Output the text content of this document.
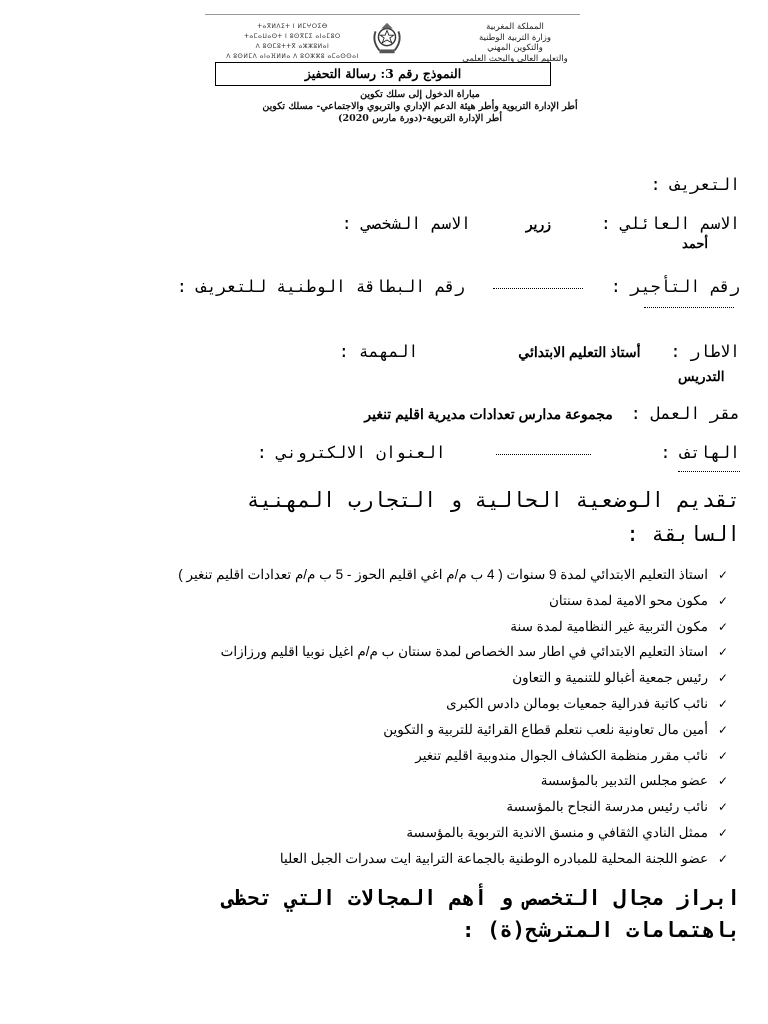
المملكة المغربية
وزارة التربية الوطنية
والتكوين المهني
والتعليم العالي والبحث العلمي
ⵜⴰⴳⵍⴷⵉⵜ ⵏ ⵍⵎⵖⵔⵉⴱ
ⵜⴰⵎⴰⵡⴰⵙⵜ ⵏ ⵓⵙⴳⵎⵉ ⴰⵏⴰⵎⵓⵔ
ⴷ ⵓⵙⵎⵓⵜⵜⴳ ⴰⵣⵣⵓⵍⴰⵏ
ⴷ ⵓⵙⵍⵎⴷ ⴰⵏⴰⴼⵍⵍⴰ ⴷ ⵓⵔⵣⵣⵓ ⴰⵎⴰⵙⵙⴰⵏ
النموذج رقم 3: رسالة التحفيز
مباراة الدخول إلى سلك تكوين
أطر الإدارة التربوية وأطر هيئة الدعم الإداري والتربوي والاجتماعي- مسلك تكوين
أطر الإدارة التربوية-(دورة مارس 2020)
التعريف :
الاسم العائلي : زرير الاسم الشخصي :
أحمد
رقم التأجير :  رقم البطاقة الوطنية للتعريف :
الاطار : أستاذ التعليم الابتدائي المهمة :
التدريس
مقر العمل : مجموعة مدارس تعدادات مديرية اقليم تنغير
الهاتف :  العنوان الالكتروني :
تقديم الوضعية الحالية و التجارب المهنية
السابقة :
✓استاذ التعليم الابتدائي لمدة 9 سنوات ( 4 ب م/م اغي اقليم الحوز - 5 ب م/م تعدادات اقليم تنغير )
✓مكون محو الامية لمدة سنتان
✓مكون التربية غير النظامية لمدة سنة
✓استاذ التعليم الابتدائي في اطار سد الخصاص لمدة سنتان ب م/م اغيل نوبيا اقليم ورزازات
✓رئيس جمعية أغبالو للتنمية و التعاون
✓نائب كاتبة فدرالية جمعيات بومالن دادس الكبرى
✓أمين مال تعاونية نلعب نتعلم قطاع القرائية للتربية و التكوين
✓نائب مقرر منظمة الكشاف الجوال مندوبية اقليم تنغير
✓عضو مجلس التدبير بالمؤسسة
✓نائب رئيس مدرسة النجاح بالمؤسسة
✓ممثل النادي الثقافي و منسق الاندية التربوية بالمؤسسة
✓عضو اللجنة المحلية للمبادره الوطنية بالجماعة الترابية ايت سدرات الجبل العليا
ابراز مجال التخصص و أهم المجالات التي تحظى
باهتمامات المترشح(ة) :
